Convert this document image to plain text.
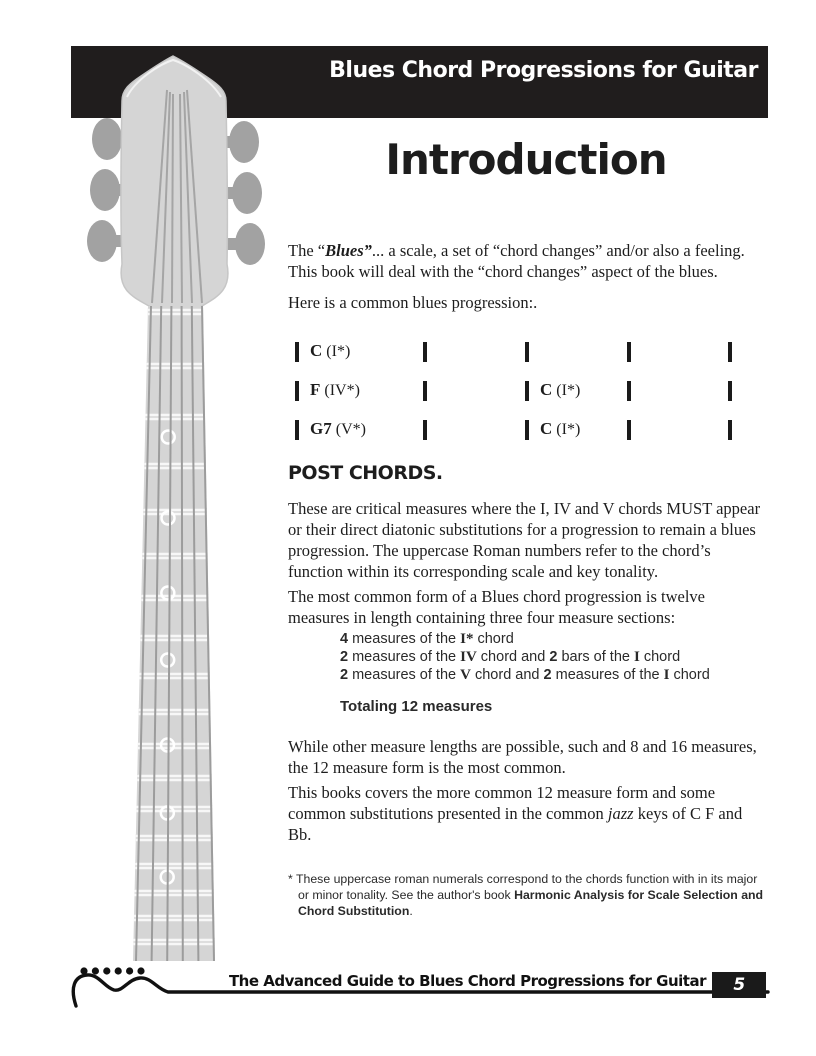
Blues Chord Progressions for Guitar
Introduction

The “Blues”... a scale, a set of “chord changes” and/or also a feeling. This book will deal with the “chord changes” aspect of the blues.

Here is a common blues progression:.

C (I*)
F (IV*)	C (I*)
G7 (V*)	C (I*)
POST CHORDS.

These are critical measures where the I, IV and V chords MUST appear or their direct diatonic substitutions for a progression to remain a blues progression. The uppercase Roman numbers refer to the chord’s function within its corresponding scale and key tonality.

The most common form of a Blues chord progression is twelve measures in length containing three four measure sections:

4 measures of the I* chord
2 measures of the IV chord and 2 bars of the I chord
2 measures of the V chord and 2 measures of the I chord

Totaling 12 measures

While other measure lengths are possible, such and 8 and 16 measures, the 12 measure form is the most common.

This books covers the more common 12 measure form and some common substitutions presented in the common jazz keys of C F and Bb.

* These uppercase roman numerals correspond to the chords function with in its major or minor tonality. See the author's book Harmonic Analysis for Scale Selection and Chord Substitution.

The Advanced Guide to Blues Chord Progressions for Guitar 5
